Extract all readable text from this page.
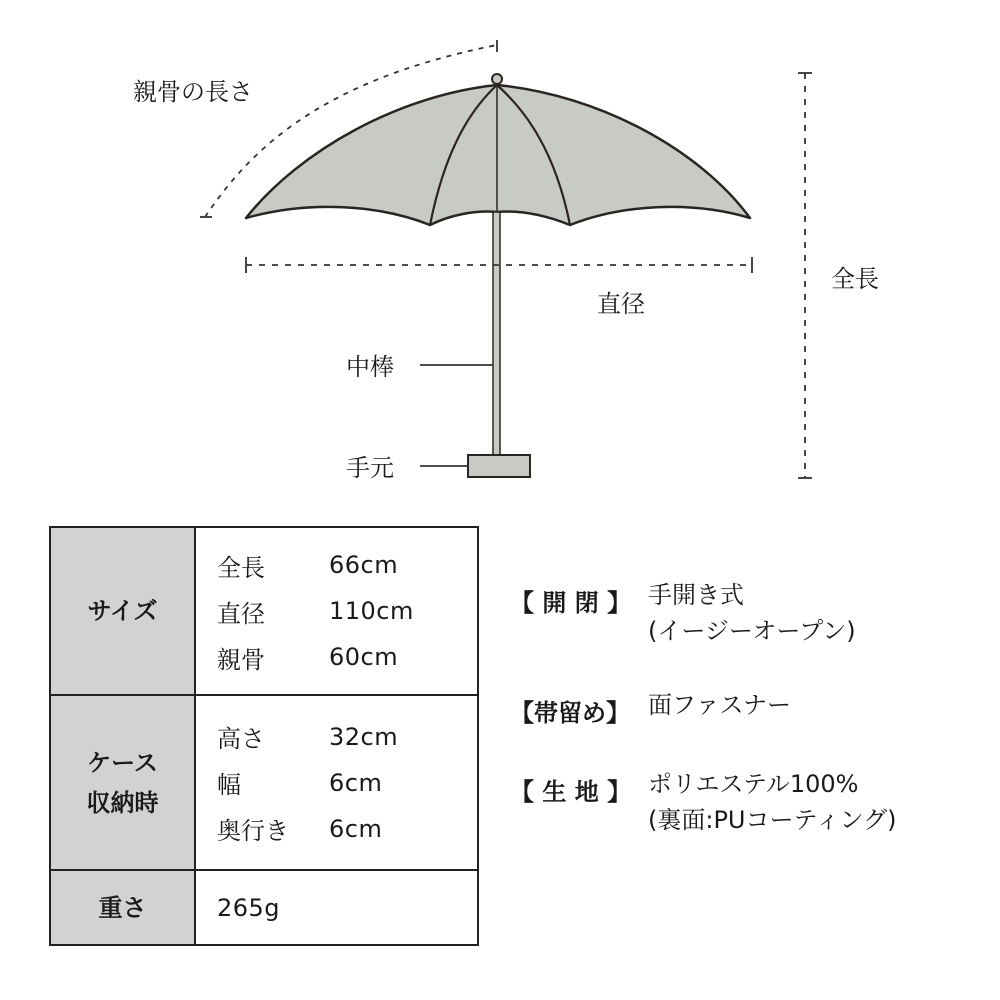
親骨の長さ
全長
直径
中棒
手元
サイズ
全長	66cm
直径	110cm
親骨	60cm
ケース
収納時
高さ	32cm
幅	6cm
奥行き	6cm
重さ	265g
【 開 閉 】 手開き式
(イージーオープン)
【帯留め】 面ファスナー
【 生 地 】 ポリエステル100%
(裏面:PUコーティング)
